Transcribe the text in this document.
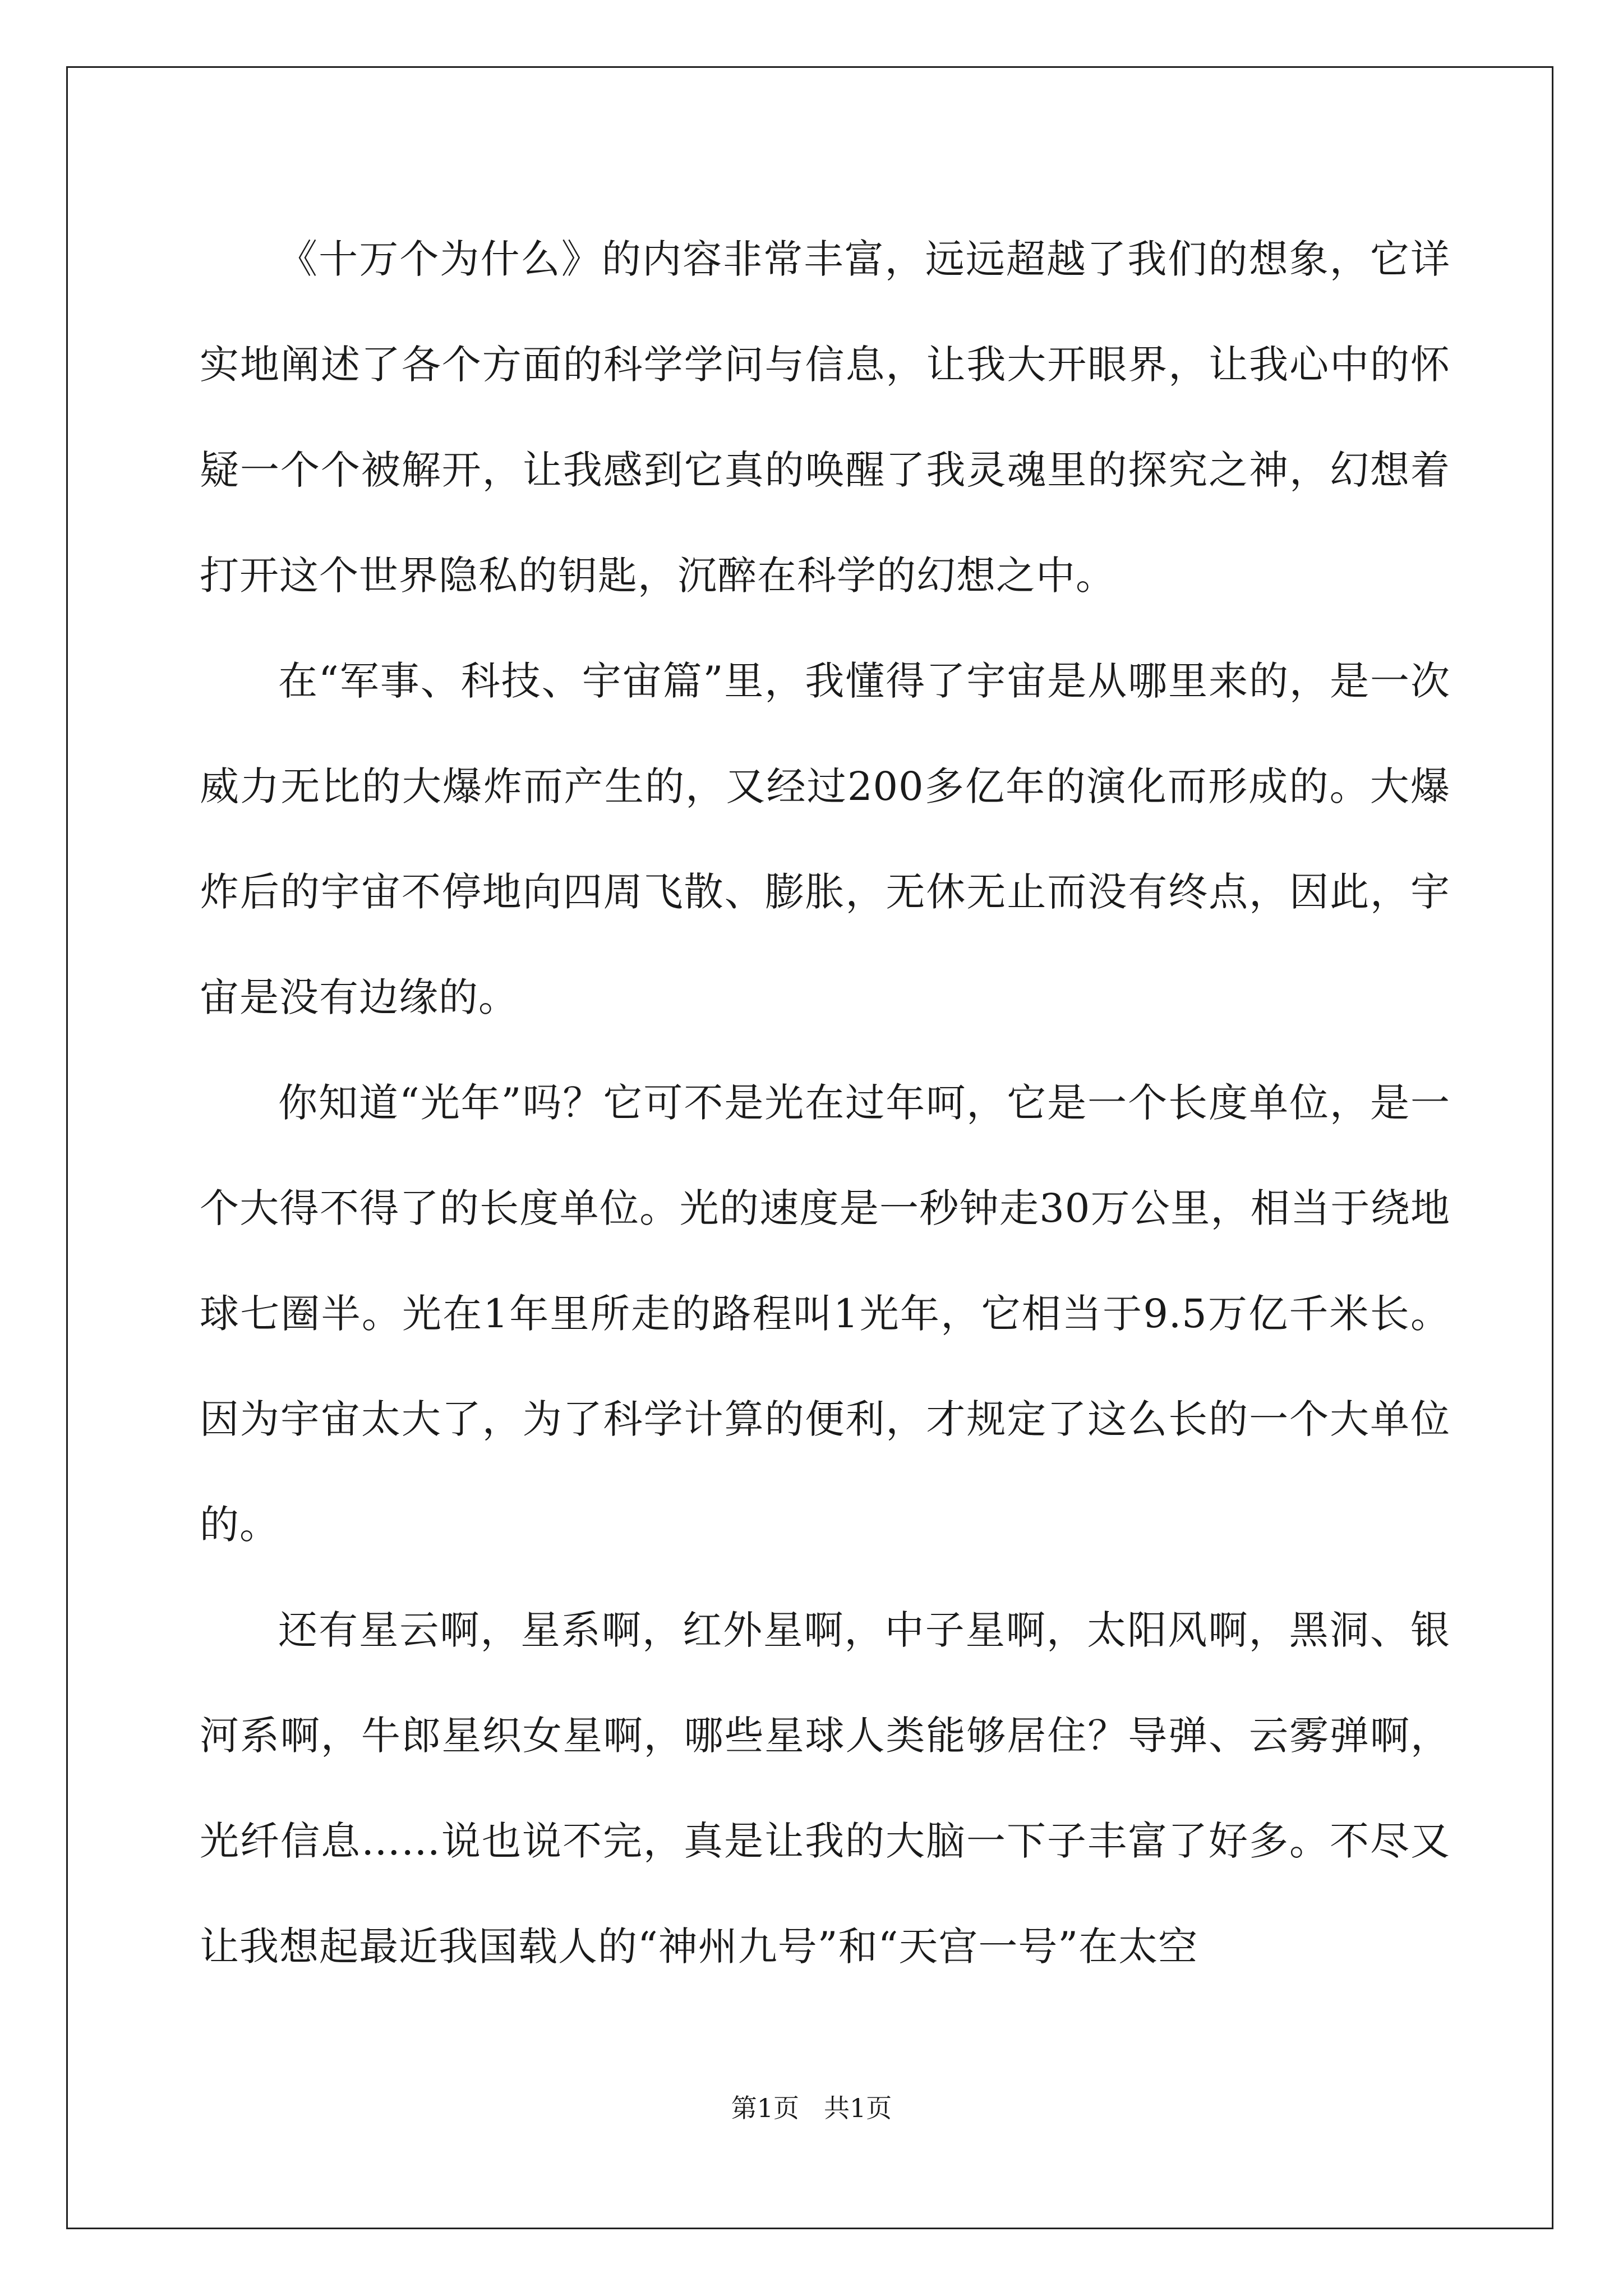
《十万个为什么》的内容非常丰富，远远超越了我们的想象，它详实地阐述了各个方面的科学学问与信息，让我大开眼界，让我心中的怀疑一个个被解开，让我感到它真的唤醒了我灵魂里的探究之神，幻想着打开这个世界隐私的钥匙，沉醉在科学的幻想之中。

在“军事、科技、宇宙篇”里，我懂得了宇宙是从哪里来的，是一次威力无比的大爆炸而产生的，又经过200多亿年的演化而形成的。大爆炸后的宇宙不停地向四周飞散、膨胀，无休无止而没有终点，因此，宇宙是没有边缘的。

你知道“光年”吗？它可不是光在过年呵，它是一个长度单位，是一个大得不得了的长度单位。光的速度是一秒钟走30万公里，相当于绕地球七圈半。光在1年里所走的路程叫1光年，它相当于9.5万亿千米长。因为宇宙太大了，为了科学计算的便利，才规定了这么长的一个大单位的。

还有星云啊，星系啊，红外星啊，中子星啊，太阳风啊，黑洞、银河系啊，牛郎星织女星啊，哪些星球人类能够居住？导弹、云雾弹啊，光纤信息……说也说不完，真是让我的大脑一下子丰富了好多。不尽又让我想起最近我国载人的“神州九号”和“天宫一号”在太空

第1页 共1页
